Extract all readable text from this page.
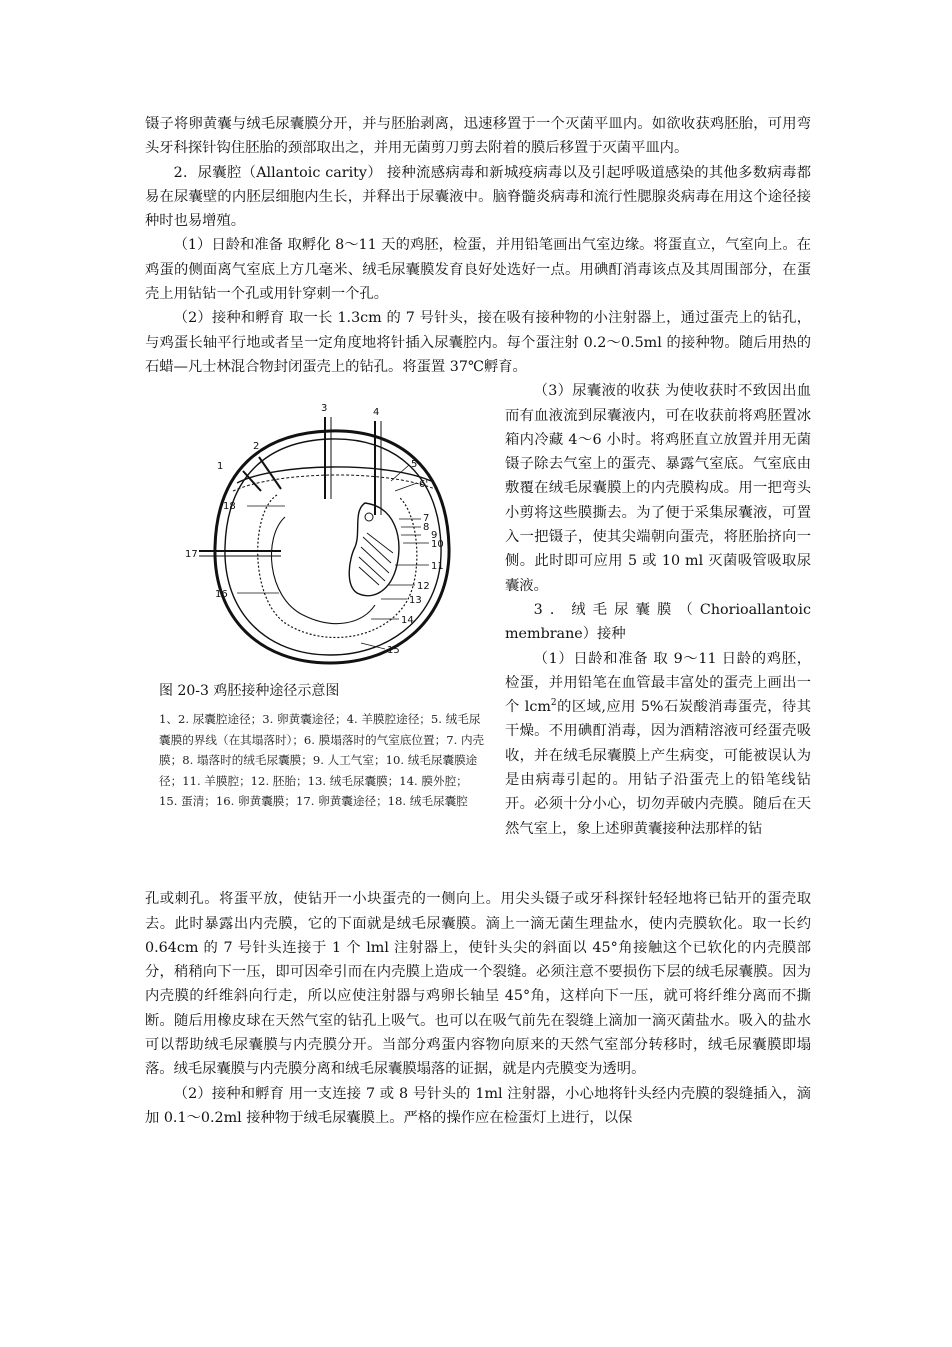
镊子将卵黄囊与绒毛尿囊膜分开，并与胚胎剥离，迅速移置于一个灭菌平皿内。如欲收获鸡胚胎，可用弯头牙科探针钩住胚胎的颈部取出之，并用无菌剪刀剪去附着的膜后移置于灭菌平皿内。

2．尿囊腔（Allantoic carity） 接种流感病毒和新城疫病毒以及引起呼吸道感染的其他多数病毒都易在尿囊壁的内胚层细胞内生长，并释出于尿囊液中。脑脊髓炎病毒和流行性腮腺炎病毒在用这个途径接种时也易增殖。

（1）日龄和准备 取孵化 8～11 天的鸡胚，检蛋，并用铅笔画出气室边缘。将蛋直立，气室向上。在鸡蛋的侧面离气室底上方几毫米、绒毛尿囊膜发育良好处选好一点。用碘酊消毒该点及其周围部分，在蛋壳上用钻钻一个孔或用针穿刺一个孔。

（2）接种和孵育 取一长 1.3cm 的 7 号针头，接在吸有接种物的小注射器上，通过蛋壳上的钻孔，与鸡蛋长轴平行地或者呈一定角度地将针插入尿囊腔内。每个蛋注射 0.2～0.5ml 的接种物。随后用热的石蜡—凡士林混合物封闭蛋壳上的钻孔。将蛋置 37℃孵育。

1
2
3	4
5
6'
7
8
9
10
11
12
13
14
15
16
17
18
图 20-3 鸡胚接种途径示意图
1、2. 尿囊腔途径；3. 卵黄囊途径；4. 羊膜腔途径；5. 绒毛尿囊膜的界线（在其塌落时）；6. 膜塌落时的气室底位置；7. 内壳膜；8. 塌落时的绒毛尿囊膜；9. 人工气室；10. 绒毛尿囊膜途径；11. 羊膜腔；12. 胚胎；13. 绒毛尿囊膜；14. 膜外腔；15. 蛋清；16. 卵黄囊膜；17. 卵黄囊途径；18. 绒毛尿囊腔

（3）尿囊液的收获 为使收获时不致因出血而有血液流到尿囊液内，可在收获前将鸡胚置冰箱内冷藏 4～6 小时。将鸡胚直立放置并用无菌镊子除去气室上的蛋壳、暴露气室底。气室底由敷覆在绒毛尿囊膜上的内壳膜构成。用一把弯头小剪将这些膜撕去。为了便于采集尿囊液，可置入一把镊子，使其尖端朝向蛋壳，将胚胎挤向一侧。此时即可应用 5 或 10 ml 灭菌吸管吸取尿囊液。

3．绒毛尿囊膜（Chorioallantoic membrane）接种

（1）日龄和准备 取 9～11 日龄的鸡胚，检蛋，并用铅笔在血管最丰富处的蛋壳上画出一个 lcm$^2$的区域,应用 5%石炭酸消毒蛋壳，待其干燥。不用碘酊消毒，因为酒精溶液可经蛋壳吸收，并在绒毛尿囊膜上产生病变，可能被误认为是由病毒引起的。用钻子沿蛋壳上的铅笔线钻开。必须十分小心，切勿弄破内壳膜。随后在天然气室上，象上述卵黄囊接种法那样的钻

孔或刺孔。将蛋平放，使钻开一小块蛋壳的一侧向上。用尖头镊子或牙科探针轻轻地将已钻开的蛋壳取去。此时暴露出内壳膜，它的下面就是绒毛尿囊膜。滴上一滴无菌生理盐水，使内壳膜软化。取一长约 0.64cm 的 7 号针头连接于 1 个 lml 注射器上，使针头尖的斜面以 45°角接触这个已软化的内壳膜部分，稍稍向下一压，即可因牵引而在内壳膜上造成一个裂缝。必须注意不要损伤下层的绒毛尿囊膜。因为内壳膜的纤维斜向行走，所以应使注射器与鸡卵长轴呈 45°角，这样向下一压，就可将纤维分离而不撕断。随后用橡皮球在天然气室的钻孔上吸气。也可以在吸气前先在裂缝上滴加一滴灭菌盐水。吸入的盐水可以帮助绒毛尿囊膜与内壳膜分开。当部分鸡蛋内容物向原来的天然气室部分转移时，绒毛尿囊膜即塌落。绒毛尿囊膜与内壳膜分离和绒毛尿囊膜塌落的证据，就是内壳膜变为透明。

（2）接种和孵育 用一支连接 7 或 8 号针头的 1ml 注射器，小心地将针头经内壳膜的裂缝插入，滴加 0.1～0.2ml 接种物于绒毛尿囊膜上。严格的操作应在检蛋灯上进行，以保
